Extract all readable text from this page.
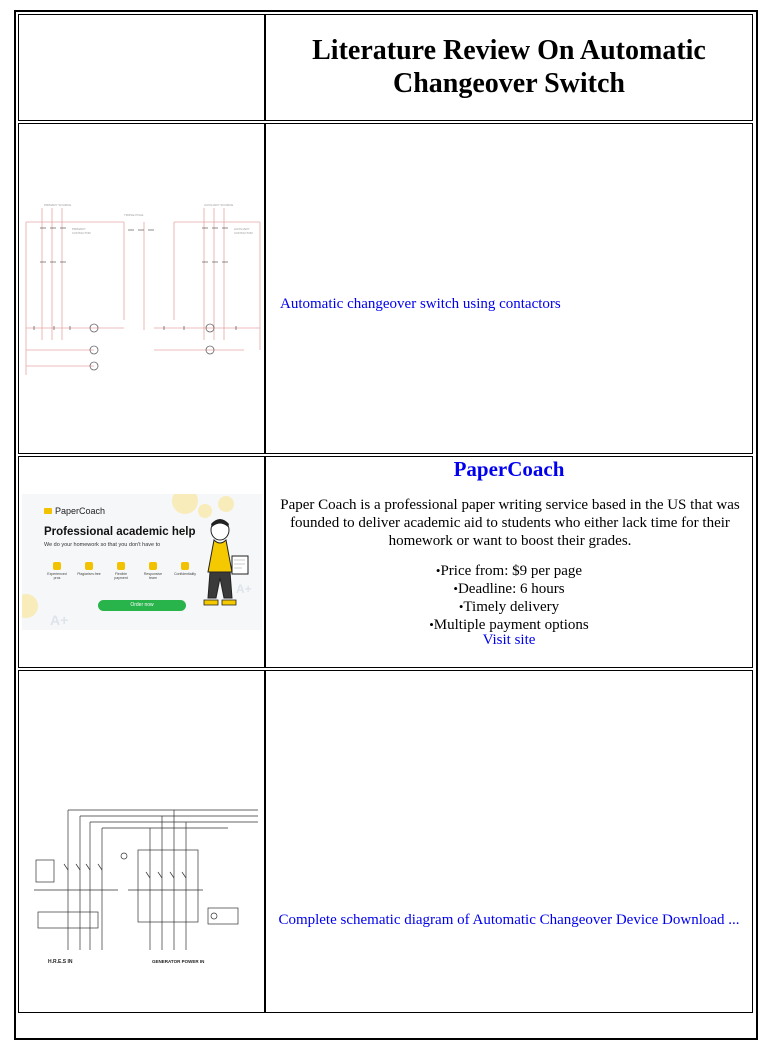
Literature Review On Automatic Changeover Switch
PRIMARY SOURCE	AUXILIARY SOURCE
TRIPLE POLE
PRIMARY
CONTACTOR
AUXILIARY
CONTACTOR
Automatic changeover switch using contactors
PaperCoach
Professional academic help
We do your homework so that you don't have to
Experienced pros
Plagiarism-free	Flexible payment
Responsive team
Confidentiality
Order now
A+
A+
PaperCoach
Paper Coach is a professional paper writing service based in the US that was founded to deliver academic aid to students who either lack time for their homework or want to boost their grades.
• Price from: $9 per page
• Deadline: 6 hours
• Timely delivery
• Multiple payment options
Visit site
H.R.E.S IN	GENERATOR POWER IN
Complete schematic diagram of Automatic Changeover Device Download ...
